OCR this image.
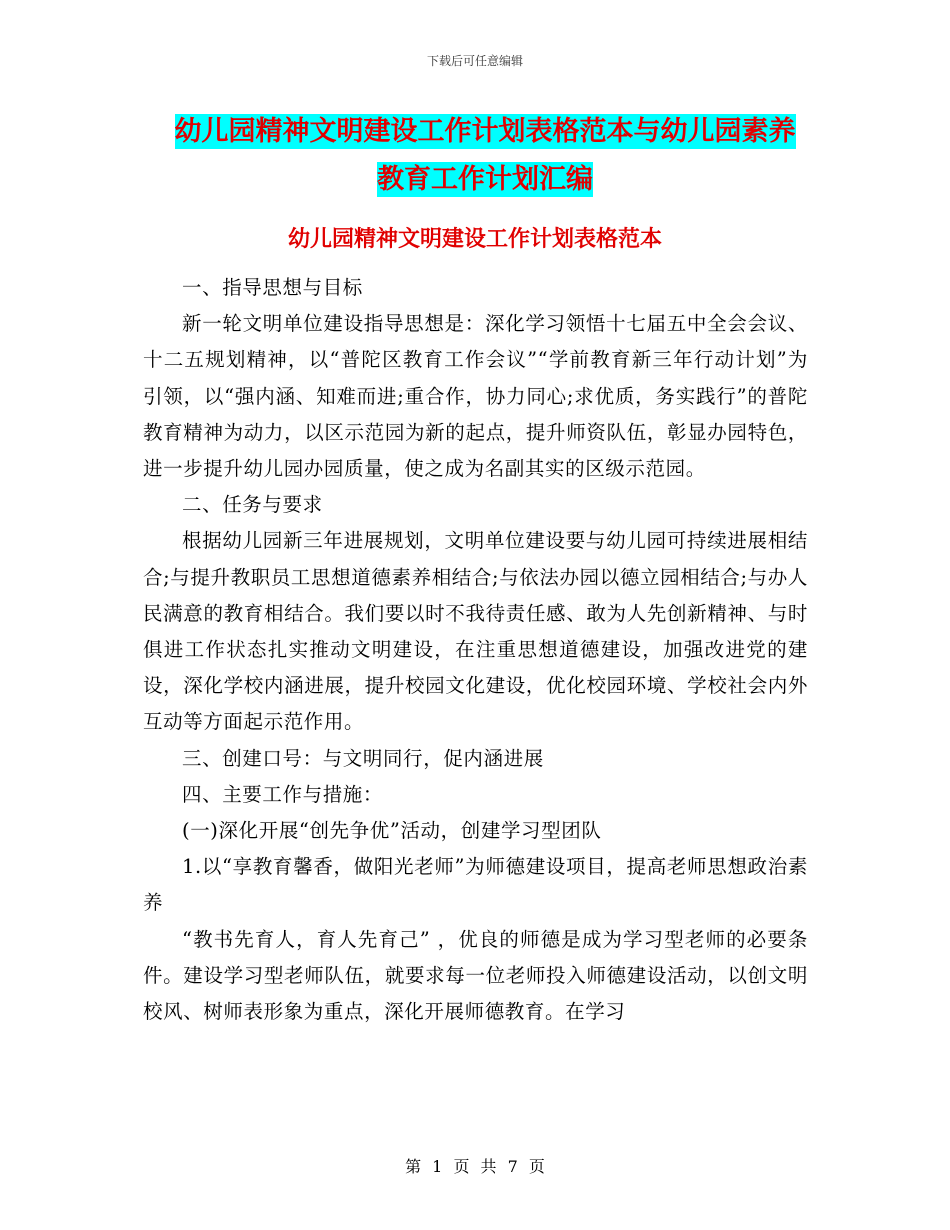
下载后可任意编辑
幼儿园精神文明建设工作计划表格范本与幼儿园素养
教育工作计划汇编
幼儿园精神文明建设工作计划表格范本

一、指导思想与目标

新一轮文明单位建设指导思想是：深化学习领悟十七届五中全会会议、十二五规划精神，以“普陀区教育工作会议”“学前教育新三年行动计划”为引领，以“强内涵、知难而进;重合作，协力同心;求优质，务实践行”的普陀教育精神为动力，以区示范园为新的起点，提升师资队伍，彰显办园特色，进一步提升幼儿园办园质量，使之成为名副其实的区级示范园。

二、任务与要求

根据幼儿园新三年进展规划，文明单位建设要与幼儿园可持续进展相结合;与提升教职员工思想道德素养相结合;与依法办园以德立园相结合;与办人民满意的教育相结合。我们要以时不我待责任感、敢为人先创新精神、与时俱进工作状态扎实推动文明建设，在注重思想道德建设，加强改进党的建设，深化学校内涵进展，提升校园文化建设，优化校园环境、学校社会内外互动等方面起示范作用。

三、创建口号：与文明同行，促内涵进展

四、主要工作与措施：

(一)深化开展“创先争优”活动，创建学习型团队

1.以“享教育馨香，做阳光老师”为师德建设项目，提高老师思想政治素养

“教书先育人，育人先育己” ，优良的师德是成为学习型老师的必要条件。建设学习型老师队伍，就要求每一位老师投入师德建设活动，以创文明校风、树师表形象为重点，深化开展师德教育。在学习

第 1 页 共 7 页
